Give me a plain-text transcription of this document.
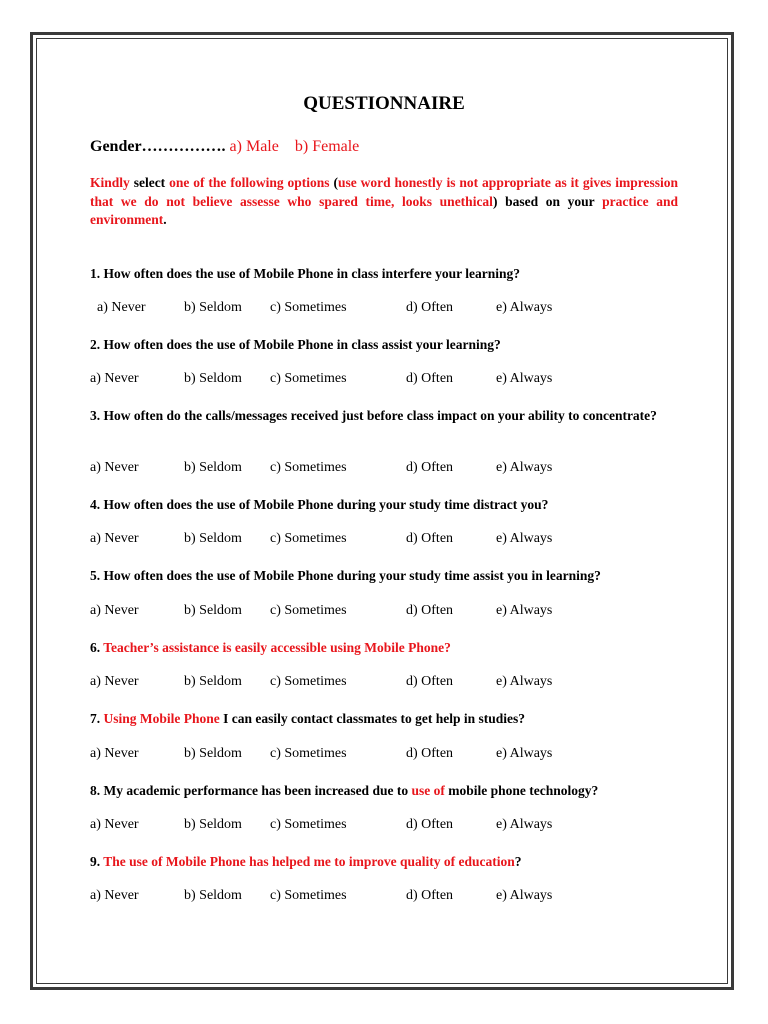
QUESTIONNAIRE
Gender……………. a) Male b) Female
Kindly select one of the following options (use word honestly is not appropriate as it gives impression that we do not believe assesse who spared time, looks unethical) based on your practice and environment.
1. How often does the use of Mobile Phone in class interfere your learning?
a) Never	b) Seldom c) Sometimes	d) Often	e) Always
2. How often does the use of Mobile Phone in class assist your learning?
a) Never	b) Seldom c) Sometimes	d) Often	e) Always
3. How often do the calls/messages received just before class impact on your ability to concentrate?
a) Never	b) Seldom c) Sometimes	d) Often	e) Always
4. How often does the use of Mobile Phone during your study time distract you?
a) Never	b) Seldom c) Sometimes	d) Often	e) Always
5. How often does the use of Mobile Phone during your study time assist you in learning?
a) Never	b) Seldom c) Sometimes	d) Often	e) Always
6. Teacher’s assistance is easily accessible using Mobile Phone?
a) Never	b) Seldom c) Sometimes	d) Often	e) Always
7. Using Mobile Phone I can easily contact classmates to get help in studies?
a) Never	b) Seldom c) Sometimes	d) Often	e) Always
8. My academic performance has been increased due to use of mobile phone technology?
a) Never	b) Seldom c) Sometimes	d) Often	e) Always
9. The use of Mobile Phone has helped me to improve quality of education?
a) Never	b) Seldom c) Sometimes	d) Often	e) Always
